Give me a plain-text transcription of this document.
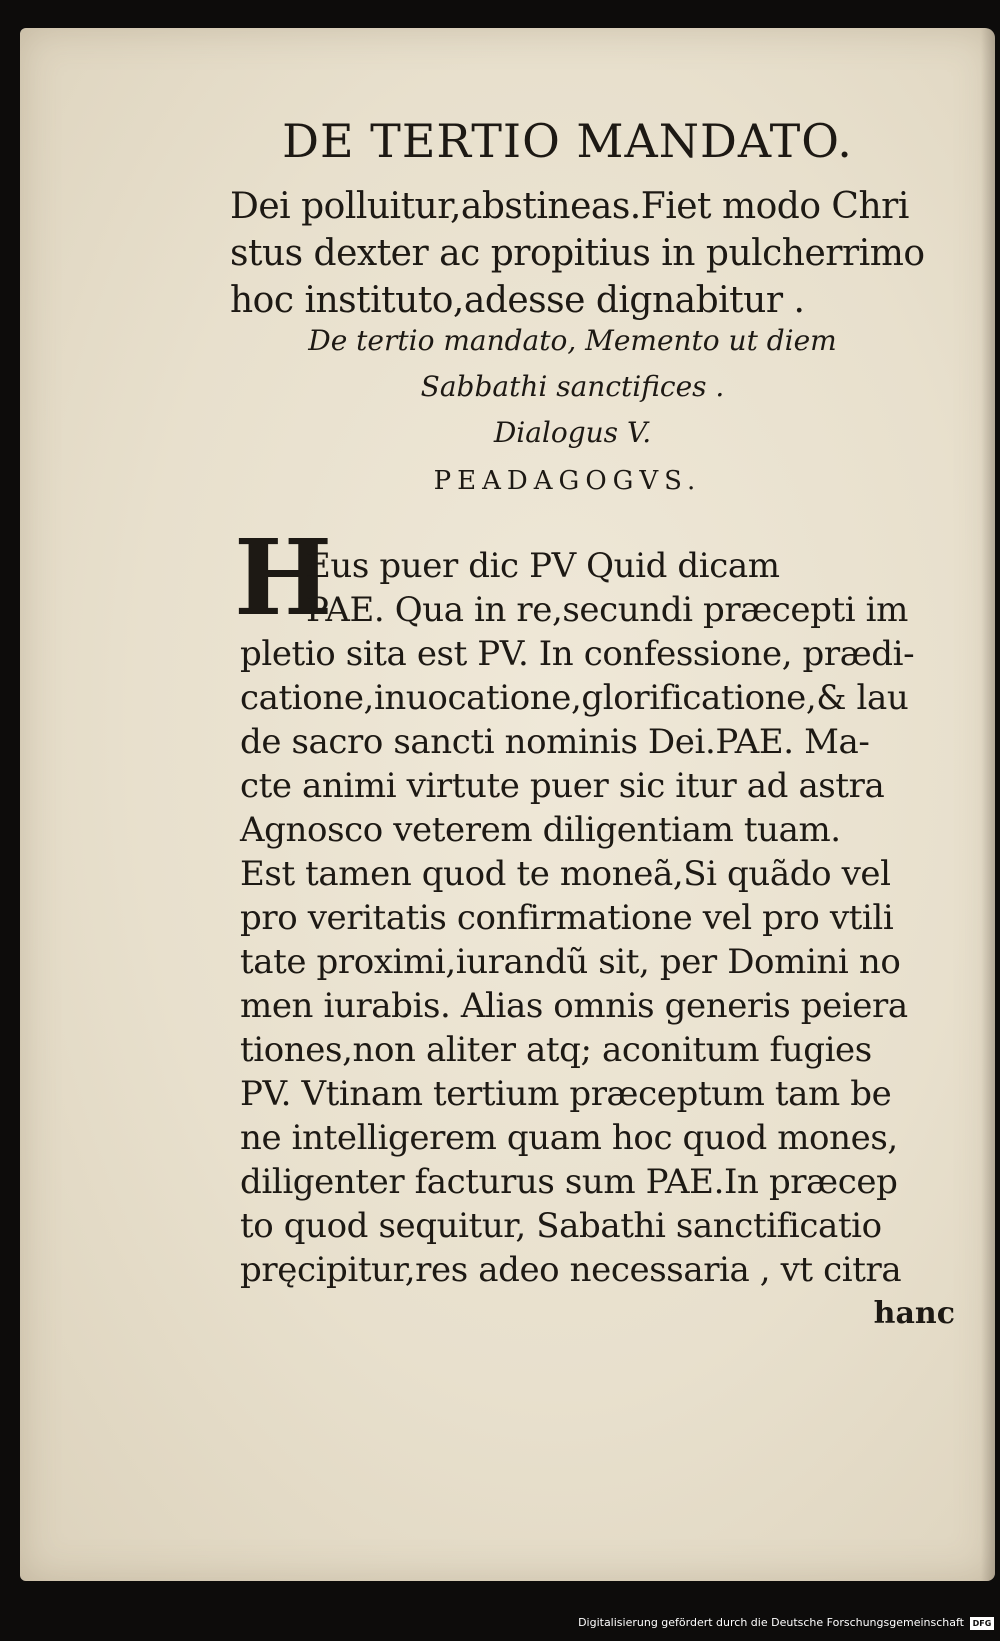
DE TERTIO MANDATO.
Dei polluitur,abstineas.Fiet modo Chri
stus dexter ac propitius in pulcherrimo
hoc instituto,adesse dignabitur .
De tertio mandato, Memento ut diem
Sabbathi sanctifices .
Dialogus V.
PEADAGOGVS.
H
Eus puer dic PV Quid dicam
PAE. Qua in re,secundi præcepti im
pletio sita est PV. In confessione, prædi-
catione,inuocatione,glorificatione,& lau
de sacro sancti nominis Dei.PAE. Ma-
cte animi virtute puer sic itur ad astra
Agnosco veterem diligentiam tuam.
Est tamen quod te moneã,Si quãdo vel
pro veritatis confirmatione vel pro vtili
tate proximi,iurandũ sit, per Domini no
men iurabis. Alias omnis generis peiera
tiones,non aliter atq; aconitum fugies
PV. Vtinam tertium præceptum tam be
ne intelligerem quam hoc quod mones,
diligenter facturus sum PAE.In præcep
to quod sequitur, Sabathi sanctificatio
pręcipitur,res adeo necessaria , vt citra
hanc
Digitalisierung gefördert durch die Deutsche Forschungsgemeinschaft	DFG
